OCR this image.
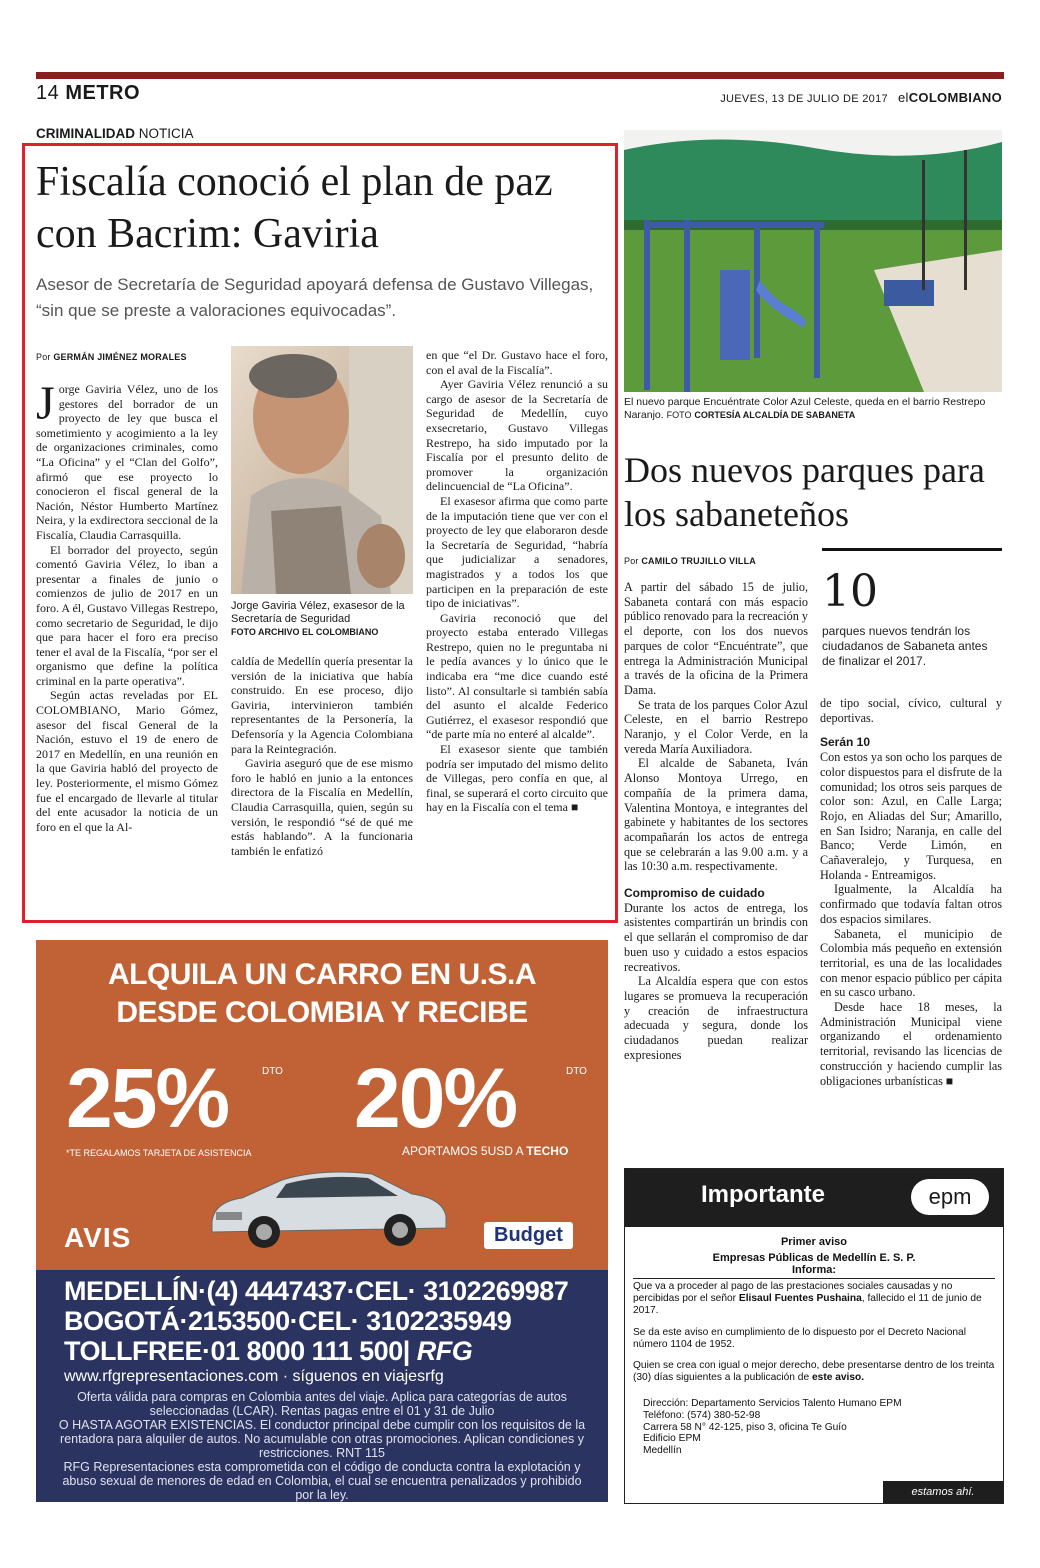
14 METRO	JUEVES, 13 DE JULIO DE 2017 elCOLOMBIANO
CRIMINALIDAD NOTICIA
Fiscalía conoció el plan de paz con Bacrim: Gaviria

Asesor de Secretaría de Seguridad apoyará defensa de Gustavo Villegas, “sin que se preste a valoraciones equivocadas”.

Por GERMÁN JIMÉNEZ MORALES

Jorge Gaviria Vélez, uno de los gestores del borrador de un proyecto de ley que busca el sometimiento y acogimiento a la ley de organizaciones criminales, como “La Oficina” y el “Clan del Golfo”, afirmó que ese proyecto lo conocieron el fiscal general de la Nación, Néstor Humberto Martínez Neira, y la exdirectora seccional de la Fiscalía, Claudia Carrasquilla.

El borrador del proyecto, según comentó Gaviria Vélez, lo iban a presentar a finales de junio o comienzos de julio de 2017 en un foro. A él, Gustavo Villegas Restrepo, como secretario de Seguridad, le dijo que para hacer el foro era preciso tener el aval de la Fiscalía, “por ser el organismo que define la política criminal en la parte operativa”.

Según actas reveladas por EL COLOMBIANO, Mario Gómez, asesor del fiscal General de la Nación, estuvo el 19 de enero de 2017 en Medellín, en una reunión en la que Gaviria habló del proyecto de ley. Posteriormente, el mismo Gómez fue el encargado de llevarle al titular del ente acusador la noticia de un foro en el que la Al-

Jorge Gaviria Vélez, exasesor de la Secretaría de Seguridad
FOTO ARCHIVO EL COLOMBIANO

caldía de Medellín quería presentar la versión de la iniciativa que había construido. En ese proceso, dijo Gaviria, intervinieron también representantes de la Personería, la Defensoría y la Agencia Colombiana para la Reintegración.

Gaviria aseguró que de ese mismo foro le habló en junio a la entonces directora de la Fiscalía en Medellín, Claudia Carrasquilla, quien, según su versión, le respondió “sé de qué me estás hablando”. A la funcionaria también le enfatizó

en que “el Dr. Gustavo hace el foro, con el aval de la Fiscalía”.

Ayer Gaviria Vélez renunció a su cargo de asesor de la Secretaría de Seguridad de Medellín, cuyo exsecretario, Gustavo Villegas Restrepo, ha sido imputado por la Fiscalía por el presunto delito de promover la organización delincuencial de “La Oficina”.

El exasesor afirma que como parte de la imputación tiene que ver con el proyecto de ley que elaboraron desde la Secretaría de Seguridad, “habría que judicializar a senadores, magistrados y a todos los que participen en la preparación de este tipo de iniciativas”.

Gaviria reconoció que del proyecto estaba enterado Villegas Restrepo, quien no le preguntaba ni le pedía avances y lo único que le indicaba era “me dice cuando esté listo”. Al consultarle si también sabía del asunto el alcalde Federico Gutiérrez, el exasesor respondió que “de parte mía no enteré al alcalde”.

El exasesor siente que también podría ser imputado del mismo delito de Villegas, pero confía en que, al final, se superará el corto circuito que hay en la Fiscalía con el tema ■

El nuevo parque Encuéntrate Color Azul Celeste, queda en el barrio Restrepo Naranjo. FOTO CORTESÍA ALCALDÍA DE SABANETA
Dos nuevos parques para los sabaneteños
Por CAMILO TRUJILLO VILLA
10
parques nuevos tendrán los ciudadanos de Sabaneta antes de finalizar el 2017.

A partir del sábado 15 de julio, Sabaneta contará con más espacio público renovado para la recreación y el deporte, con los dos nuevos parques de color “Encuéntrate”, que entrega la Administración Municipal a través de la oficina de la Primera Dama.

Se trata de los parques Color Azul Celeste, en el barrio Restrepo Naranjo, y el Color Verde, en la vereda María Auxiliadora.

El alcalde de Sabaneta, Iván Alonso Montoya Urrego, en compañía de la primera dama, Valentina Montoya, e integrantes del gabinete y habitantes de los sectores acompañarán los actos de entrega que se celebrarán a las 9.00 a.m. y a las 10:30 a.m. respectivamente.

Compromiso de cuidado

Durante los actos de entrega, los asistentes compartirán un brindis con el que sellarán el compromiso de dar buen uso y cuidado a estos espacios recreativos.

La Alcaldía espera que con estos lugares se promueva la recuperación y creación de infraestructura adecuada y segura, donde los ciudadanos puedan realizar expresiones

de tipo social, cívico, cultural y deportivas.

Serán 10

Con estos ya son ocho los parques de color dispuestos para el disfrute de la comunidad; los otros seis parques de color son: Azul, en Calle Larga; Rojo, en Aliadas del Sur; Amarillo, en San Isidro; Naranja, en calle del Banco; Verde Limón, en Cañaveralejo, y Turquesa, en Holanda - Entreamigos.

Igualmente, la Alcaldía ha confirmado que todavía faltan otros dos espacios similares.

Sabaneta, el municipio de Colombia más pequeño en extensión territorial, es una de las localidades con menor espacio público per cápita en su casco urbano.

Desde hace 18 meses, la Administración Municipal viene organizando el ordenamiento territorial, revisando las licencias de construcción y haciendo cumplir las obligaciones urbanísticas ■

ALQUILA UN CARRO EN U.S.A
DESDE COLOMBIA Y RECIBE
25%	DTO 20%	DTO
*TE REGALAMOS TARJETA DE ASISTENCIA	APORTAMOS 5USD A TECHO
AVIS	Budget
MEDELLÍN·(4) 4447437·CEL· 3102269987
BOGOTÁ·2153500·CEL· 3102235949
TOLLFREE·01 8000 111 500| RFG
www.rfgrepresentaciones.com · síguenos en viajesrfg
Oferta válida para compras en Colombia antes del viaje. Aplica para categorías de autos seleccionadas (LCAR). Rentas pagas entre el 01 y 31 de Julio
O HASTA AGOTAR EXISTENCIAS. El conductor principal debe cumplir con los requisitos de la rentadora para alquiler de autos. No acumulable con otras promociones. Aplican condiciones y restricciones. RNT 115
RFG Representaciones esta comprometida con el código de conducta contra la explotación y abuso sexual de menores de edad en Colombia, el cual se encuentra penalizados y prohibido por la ley.
Importante	epm
Primer aviso
Empresas Públicas de Medellín E. S. P.
Informa:

Que va a proceder al pago de las prestaciones sociales causadas y no percibidas por el señor Elisaul Fuentes Pushaina, fallecido el 11 de junio de 2017.

Se da este aviso en cumplimiento de lo dispuesto por el Decreto Nacional número 1104 de 1952.

Quien se crea con igual o mejor derecho, debe presentarse dentro de los treinta (30) días siguientes a la publicación de este aviso.

Dirección: Departamento Servicios Talento Humano EPM
Teléfono: (574) 380-52-98
Carrera 58 N° 42-125, piso 3, oficina Te Guío
Edificio EPM
Medellín
estamos ahí.
